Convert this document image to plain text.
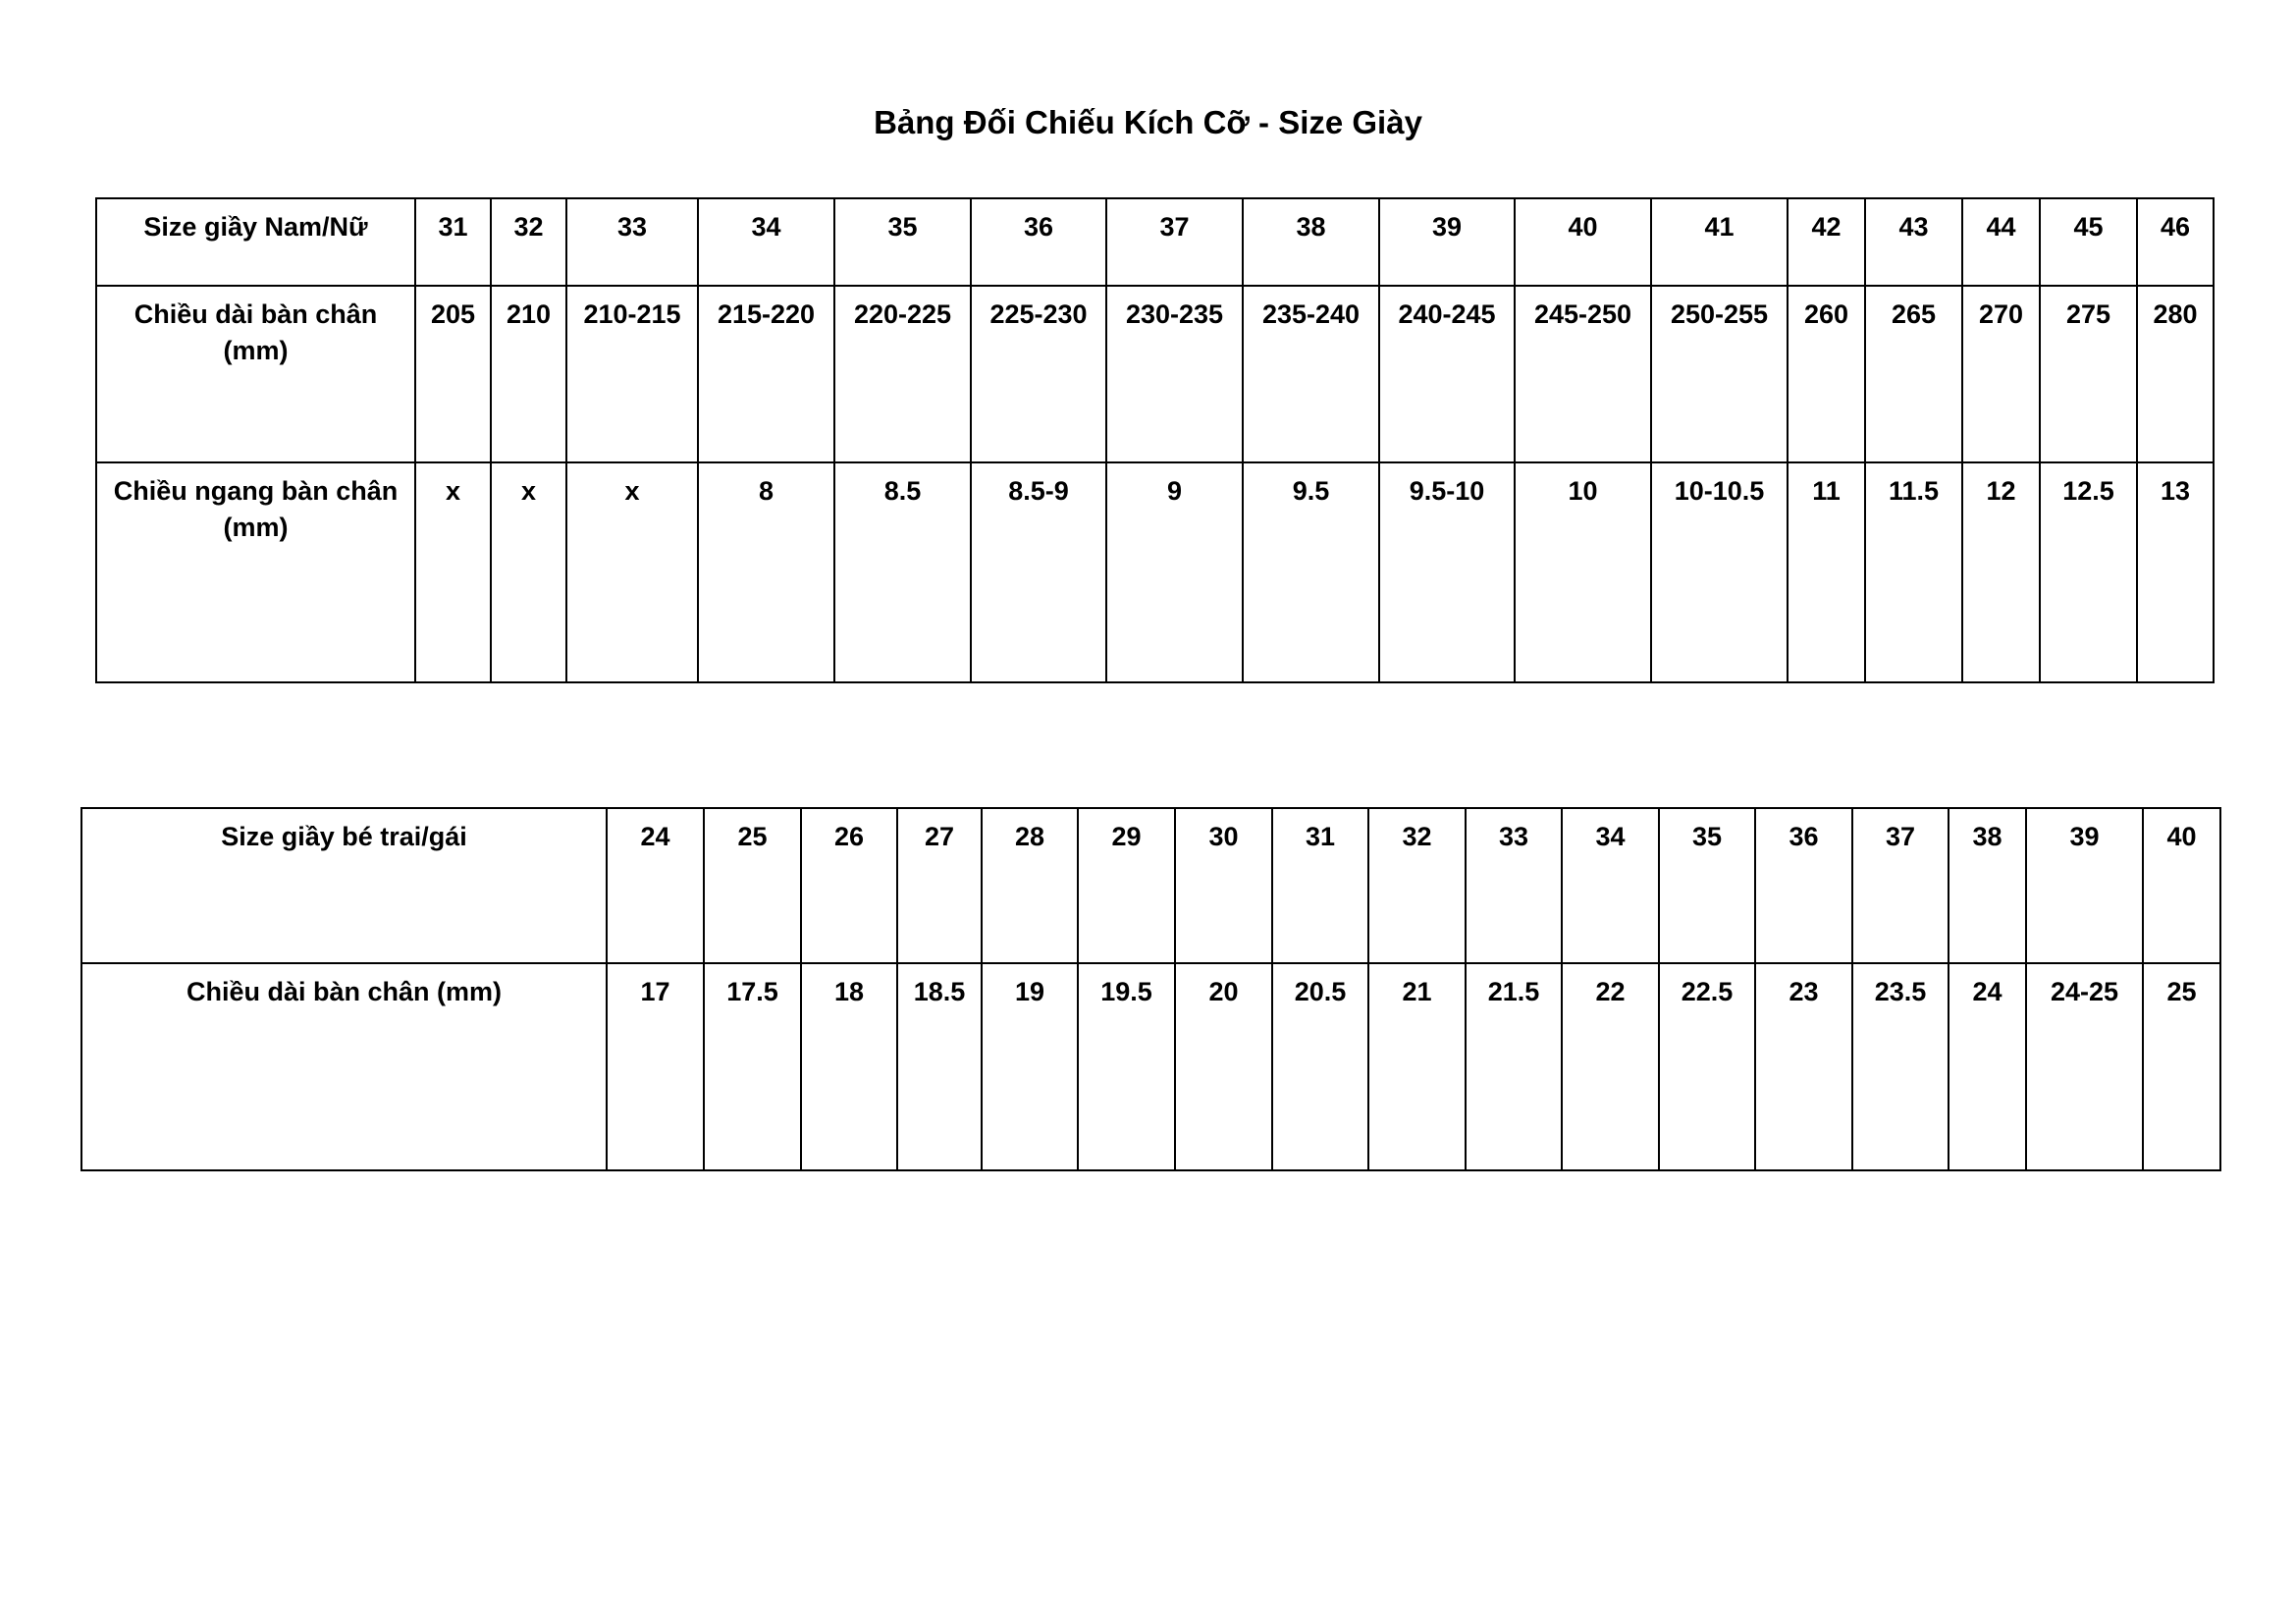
Bảng Đối Chiếu Kích Cỡ - Size Giày
Size giầy Nam/Nữ	31	32	33	34	35	36	37	38	39	40	41	42	43	44	45	46
Chiều dài bàn chân (mm)	205	210	210-215	215-220	220-225	225-230	230-235	235-240	240-245	245-250	250-255	260	265	270	275	280
Chiều ngang bàn chân (mm)	x	x	x	8	8.5	8.5-9	9	9.5	9.5-10	10	10-10.5	11	11.5	12	12.5	13
Size giầy bé trai/gái	24	25	26	27	28	29	30	31	32	33	34	35	36	37	38	39	40
Chiều dài bàn chân (mm)	17	17.5	18	18.5	19	19.5	20	20.5	21	21.5	22	22.5	23	23.5	24	24-25	25
